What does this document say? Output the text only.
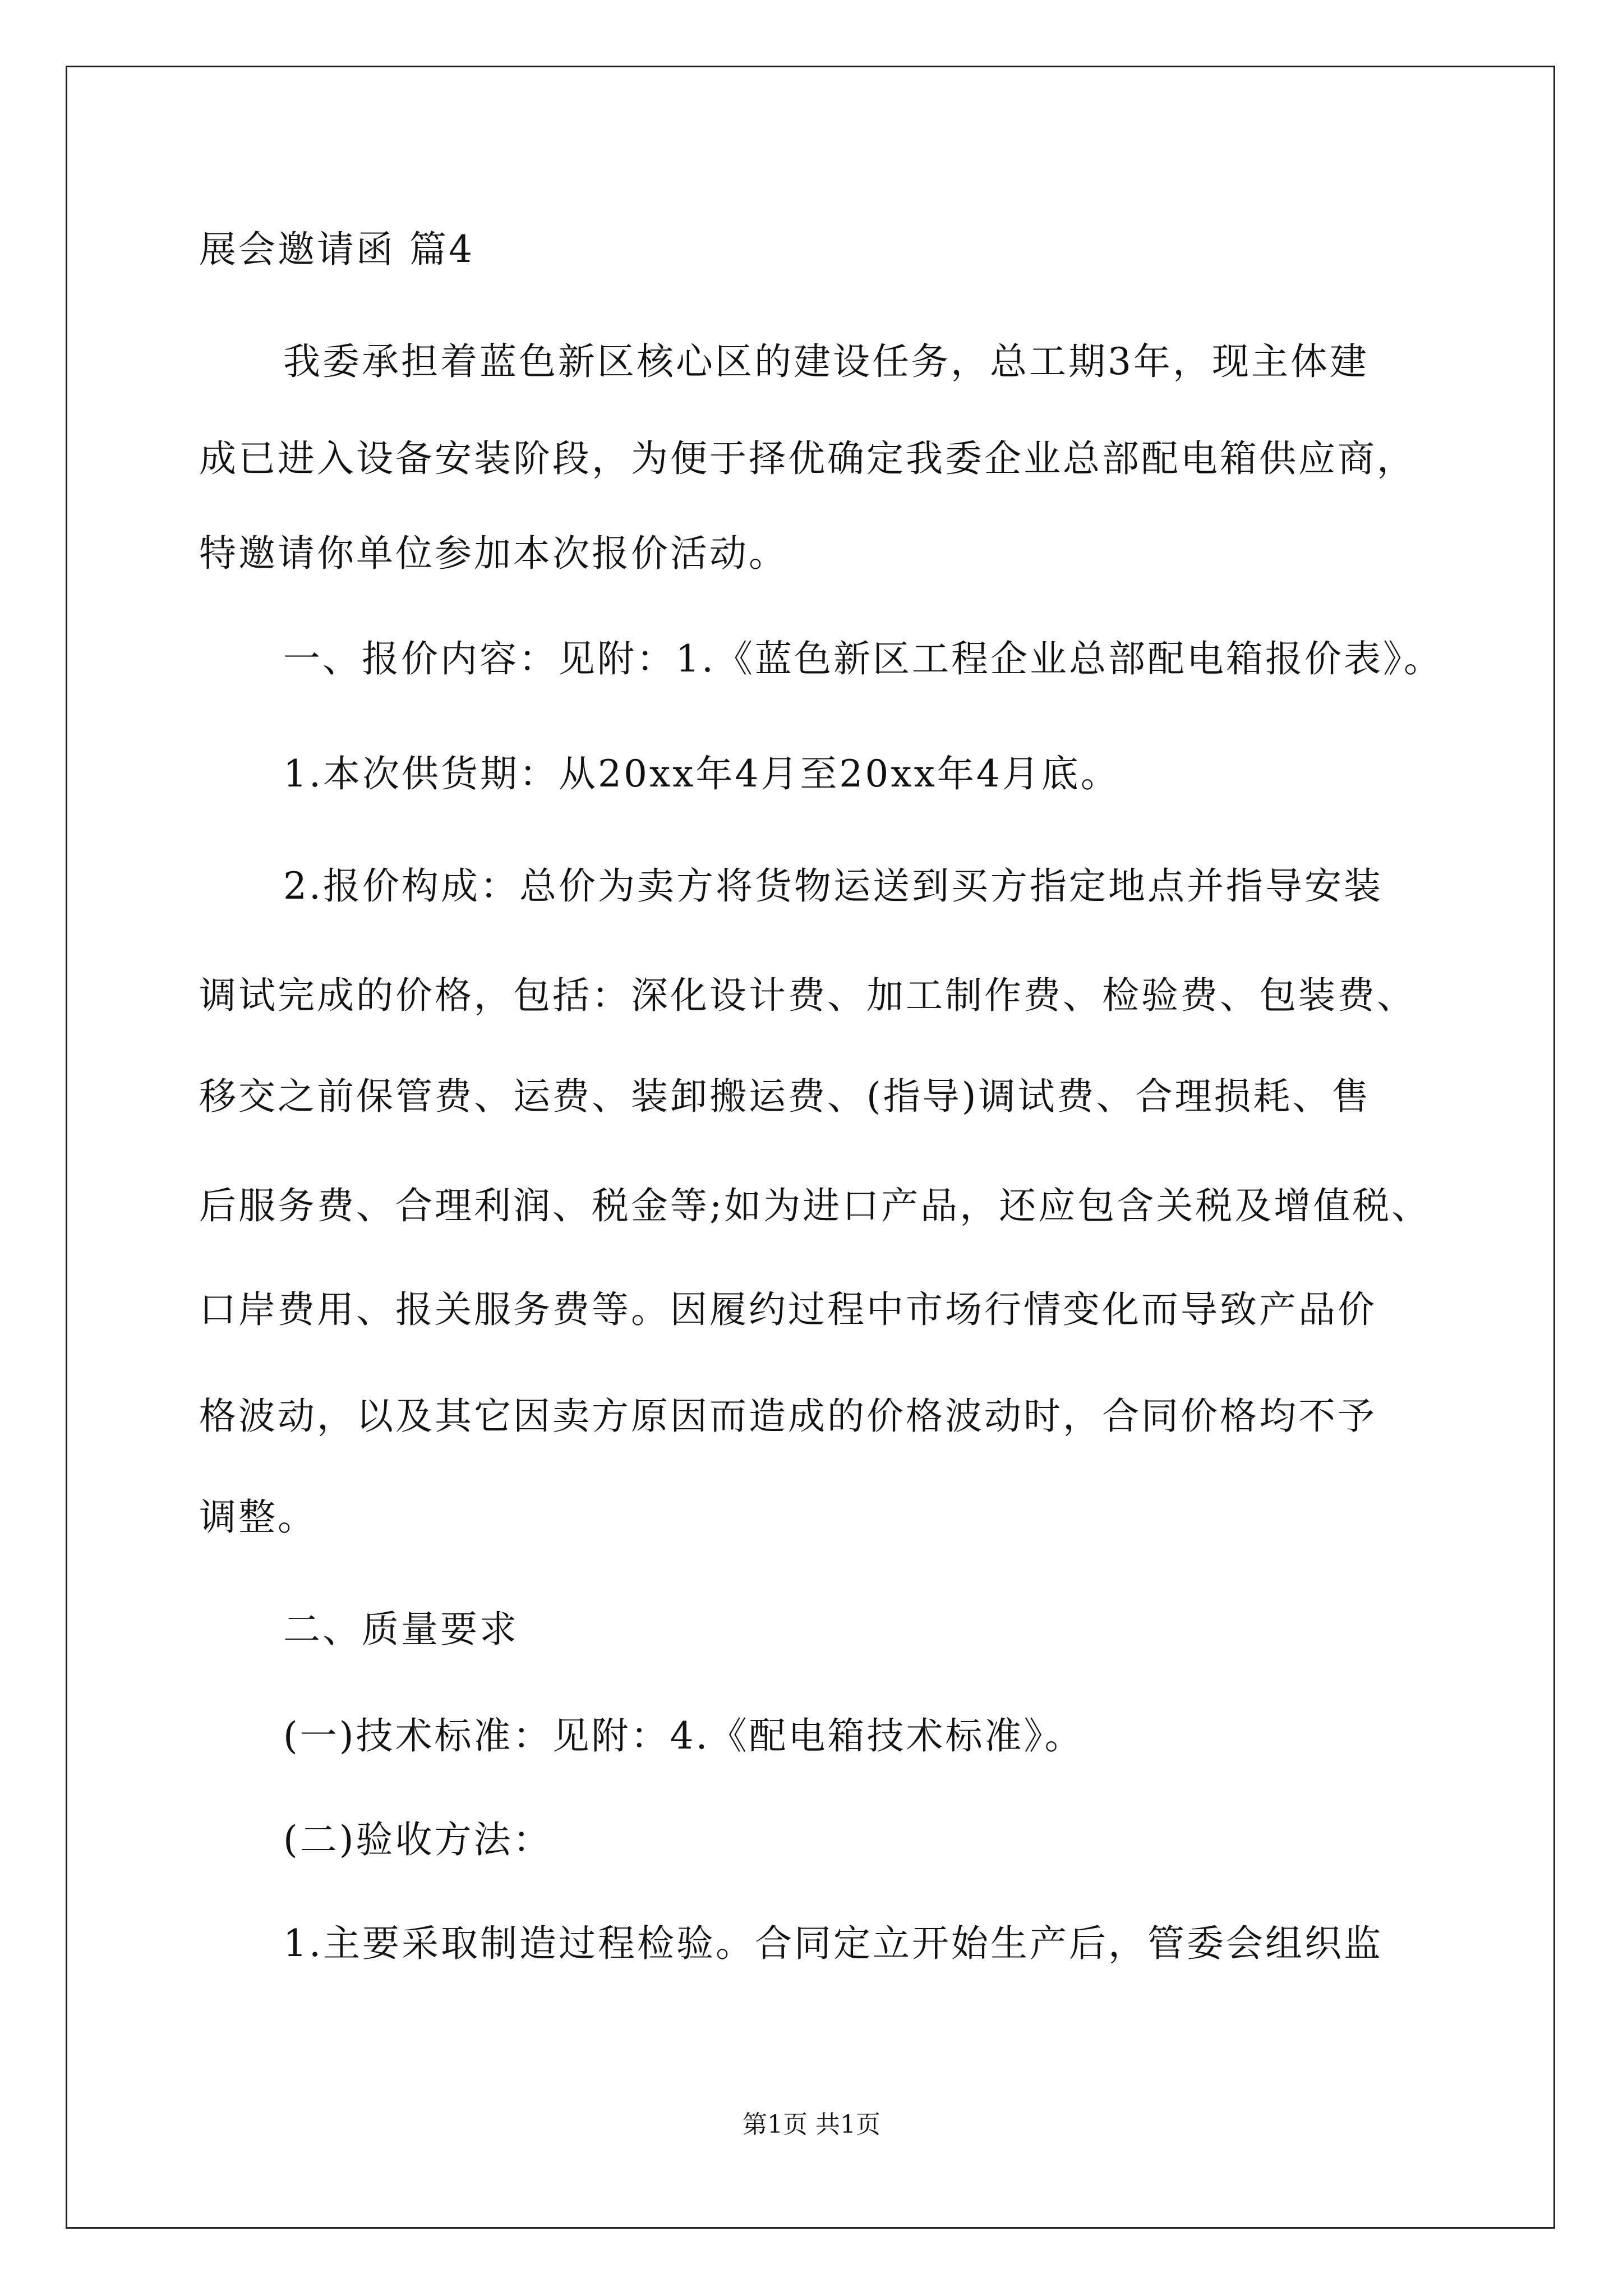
展会邀请函 篇4
我委承担着蓝色新区核心区的建设任务，总工期3年，现主体建
成已进入设备安装阶段，为便于择优确定我委企业总部配电箱供应商，
特邀请你单位参加本次报价活动。
一、报价内容：见附：1.《蓝色新区工程企业总部配电箱报价表》。
1.本次供货期：从20xx年4月至20xx年4月底。
2.报价构成：总价为卖方将货物运送到买方指定地点并指导安装
调试完成的价格，包括：深化设计费、加工制作费、检验费、包装费、
移交之前保管费、运费、装卸搬运费、(指导)调试费、合理损耗、售
后服务费、合理利润、税金等;如为进口产品，还应包含关税及增值税、
口岸费用、报关服务费等。因履约过程中市场行情变化而导致产品价
格波动，以及其它因卖方原因而造成的价格波动时，合同价格均不予
调整。
二、质量要求
(一)技术标准：见附：4.《配电箱技术标准》。
(二)验收方法：
1.主要采取制造过程检验。合同定立开始生产后，管委会组织监
第1页 共1页
